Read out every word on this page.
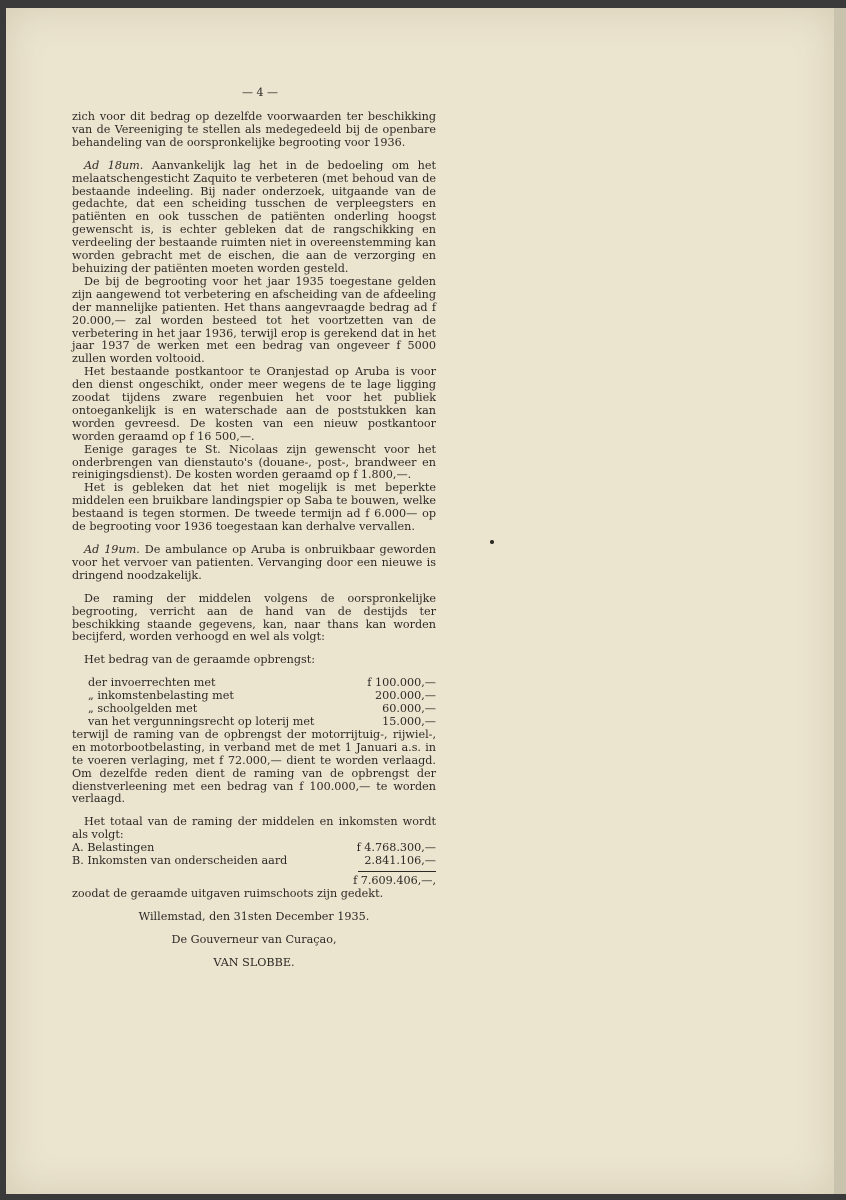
— 4 —

zich voor dit bedrag op dezelfde voorwaarden ter beschikking van de Vereeniging te stellen als medegedeeld bij de openbare behandeling van de oorspronkelijke begrooting voor 1936.

Ad 18um. Aanvankelijk lag het in de bedoeling om het melaatschengesticht Zaquito te verbeteren (met behoud van de bestaande indeeling. Bij nader onderzoek, uitgaande van de gedachte, dat een scheiding tusschen de verpleegsters en patiënten en ook tusschen de patiënten onderling hoogst gewenscht is, is echter gebleken dat de rangschikking en verdeeling der bestaande ruimten niet in overeenstemming kan worden gebracht met de eischen, die aan de verzorging en behuizing der patiënten moeten worden gesteld.

De bij de begrooting voor het jaar 1935 toegestane gelden zijn aangewend tot verbetering en afscheiding van de afdeeling der mannelijke patienten. Het thans aangevraagde bedrag ad f 20.000,— zal worden besteed tot het voortzetten van de verbetering in het jaar 1936, terwijl erop is gerekend dat in het jaar 1937 de werken met een bedrag van ongeveer f 5000 zullen worden voltooid.

Het bestaande postkantoor te Oranjestad op Aruba is voor den dienst ongeschikt, onder meer wegens de te lage ligging zoodat tijdens zware regenbuien het voor het publiek ontoegankelijk is en waterschade aan de poststukken kan worden gevreesd. De kosten van een nieuw postkantoor worden geraamd op f 16 500,—.

Eenige garages te St. Nicolaas zijn gewenscht voor het onderbrengen van dienstauto's (douane-, post-, brandweer en reinigingsdienst). De kosten worden geraamd op f 1.800,—.

Het is gebleken dat het niet mogelijk is met beperkte middelen een bruikbare landingspier op Saba te bouwen, welke bestaand is tegen stormen. De tweede termijn ad f 6.000— op de begrooting voor 1936 toegestaan kan derhalve vervallen.

Ad 19um. De ambulance op Aruba is onbruikbaar geworden voor het vervoer van patienten. Vervanging door een nieuwe is dringend noodzakelijk.

De raming der middelen volgens de oorspronkelijke begrooting, verricht aan de hand van de destijds ter beschikking staande gegevens, kan, naar thans kan worden becijferd, worden verhoogd en wel als volgt:

Het bedrag van de geraamde opbrengst:

der invoerrechten met	f 100.000,—
„ inkomstenbelasting met	200.000,—
„ schoolgelden met	60.000,—
van het vergunningsrecht op loterij met	15.000,—

terwijl de raming van de opbrengst der motorrijtuig-, rijwiel-, en motorbootbelasting, in verband met de met 1 Januari a.s. in te voeren verlaging, met f 72.000,— dient te worden verlaagd. Om dezelfde reden dient de raming van de opbrengst der dienstverleening met een bedrag van f 100.000,— te worden verlaagd.

Het totaal van de raming der middelen en inkomsten wordt als volgt:

A. Belastingen	f 4.768.300,—
B. Inkomsten van onderscheiden aard	2.841.106,—
f 7.609.406,—,

zoodat de geraamde uitgaven ruimschoots zijn gedekt.

Willemstad, den 31sten December 1935.

De Gouverneur van Curaçao,

VAN SLOBBE.
